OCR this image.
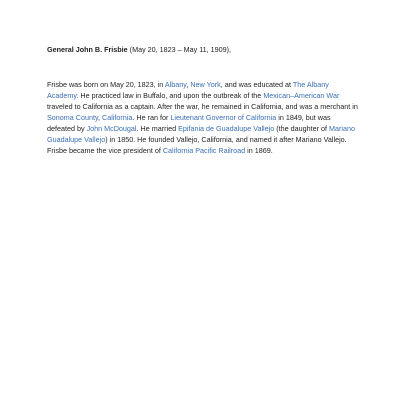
General John B. Frisbie (May 20, 1823 – May 11, 1909),

Frisbe was born on May 20, 1823, in Albany, New York, and was educated at The Albany Academy. He practiced law in Buffalo, and upon the outbreak of the Mexican–American War traveled to California as a captain. After the war, he remained in California, and was a merchant in Sonoma County, California. He ran for Lieutenant Governor of California in 1849, but was defeated by John McDougal. He married Epifania de Guadalupe Vallejo (the daughter of Mariano Guadalupe Vallejo) in 1850. He founded Vallejo, California, and named it after Mariano Vallejo. Frisbe became the vice president of California Pacific Railroad in 1869.
